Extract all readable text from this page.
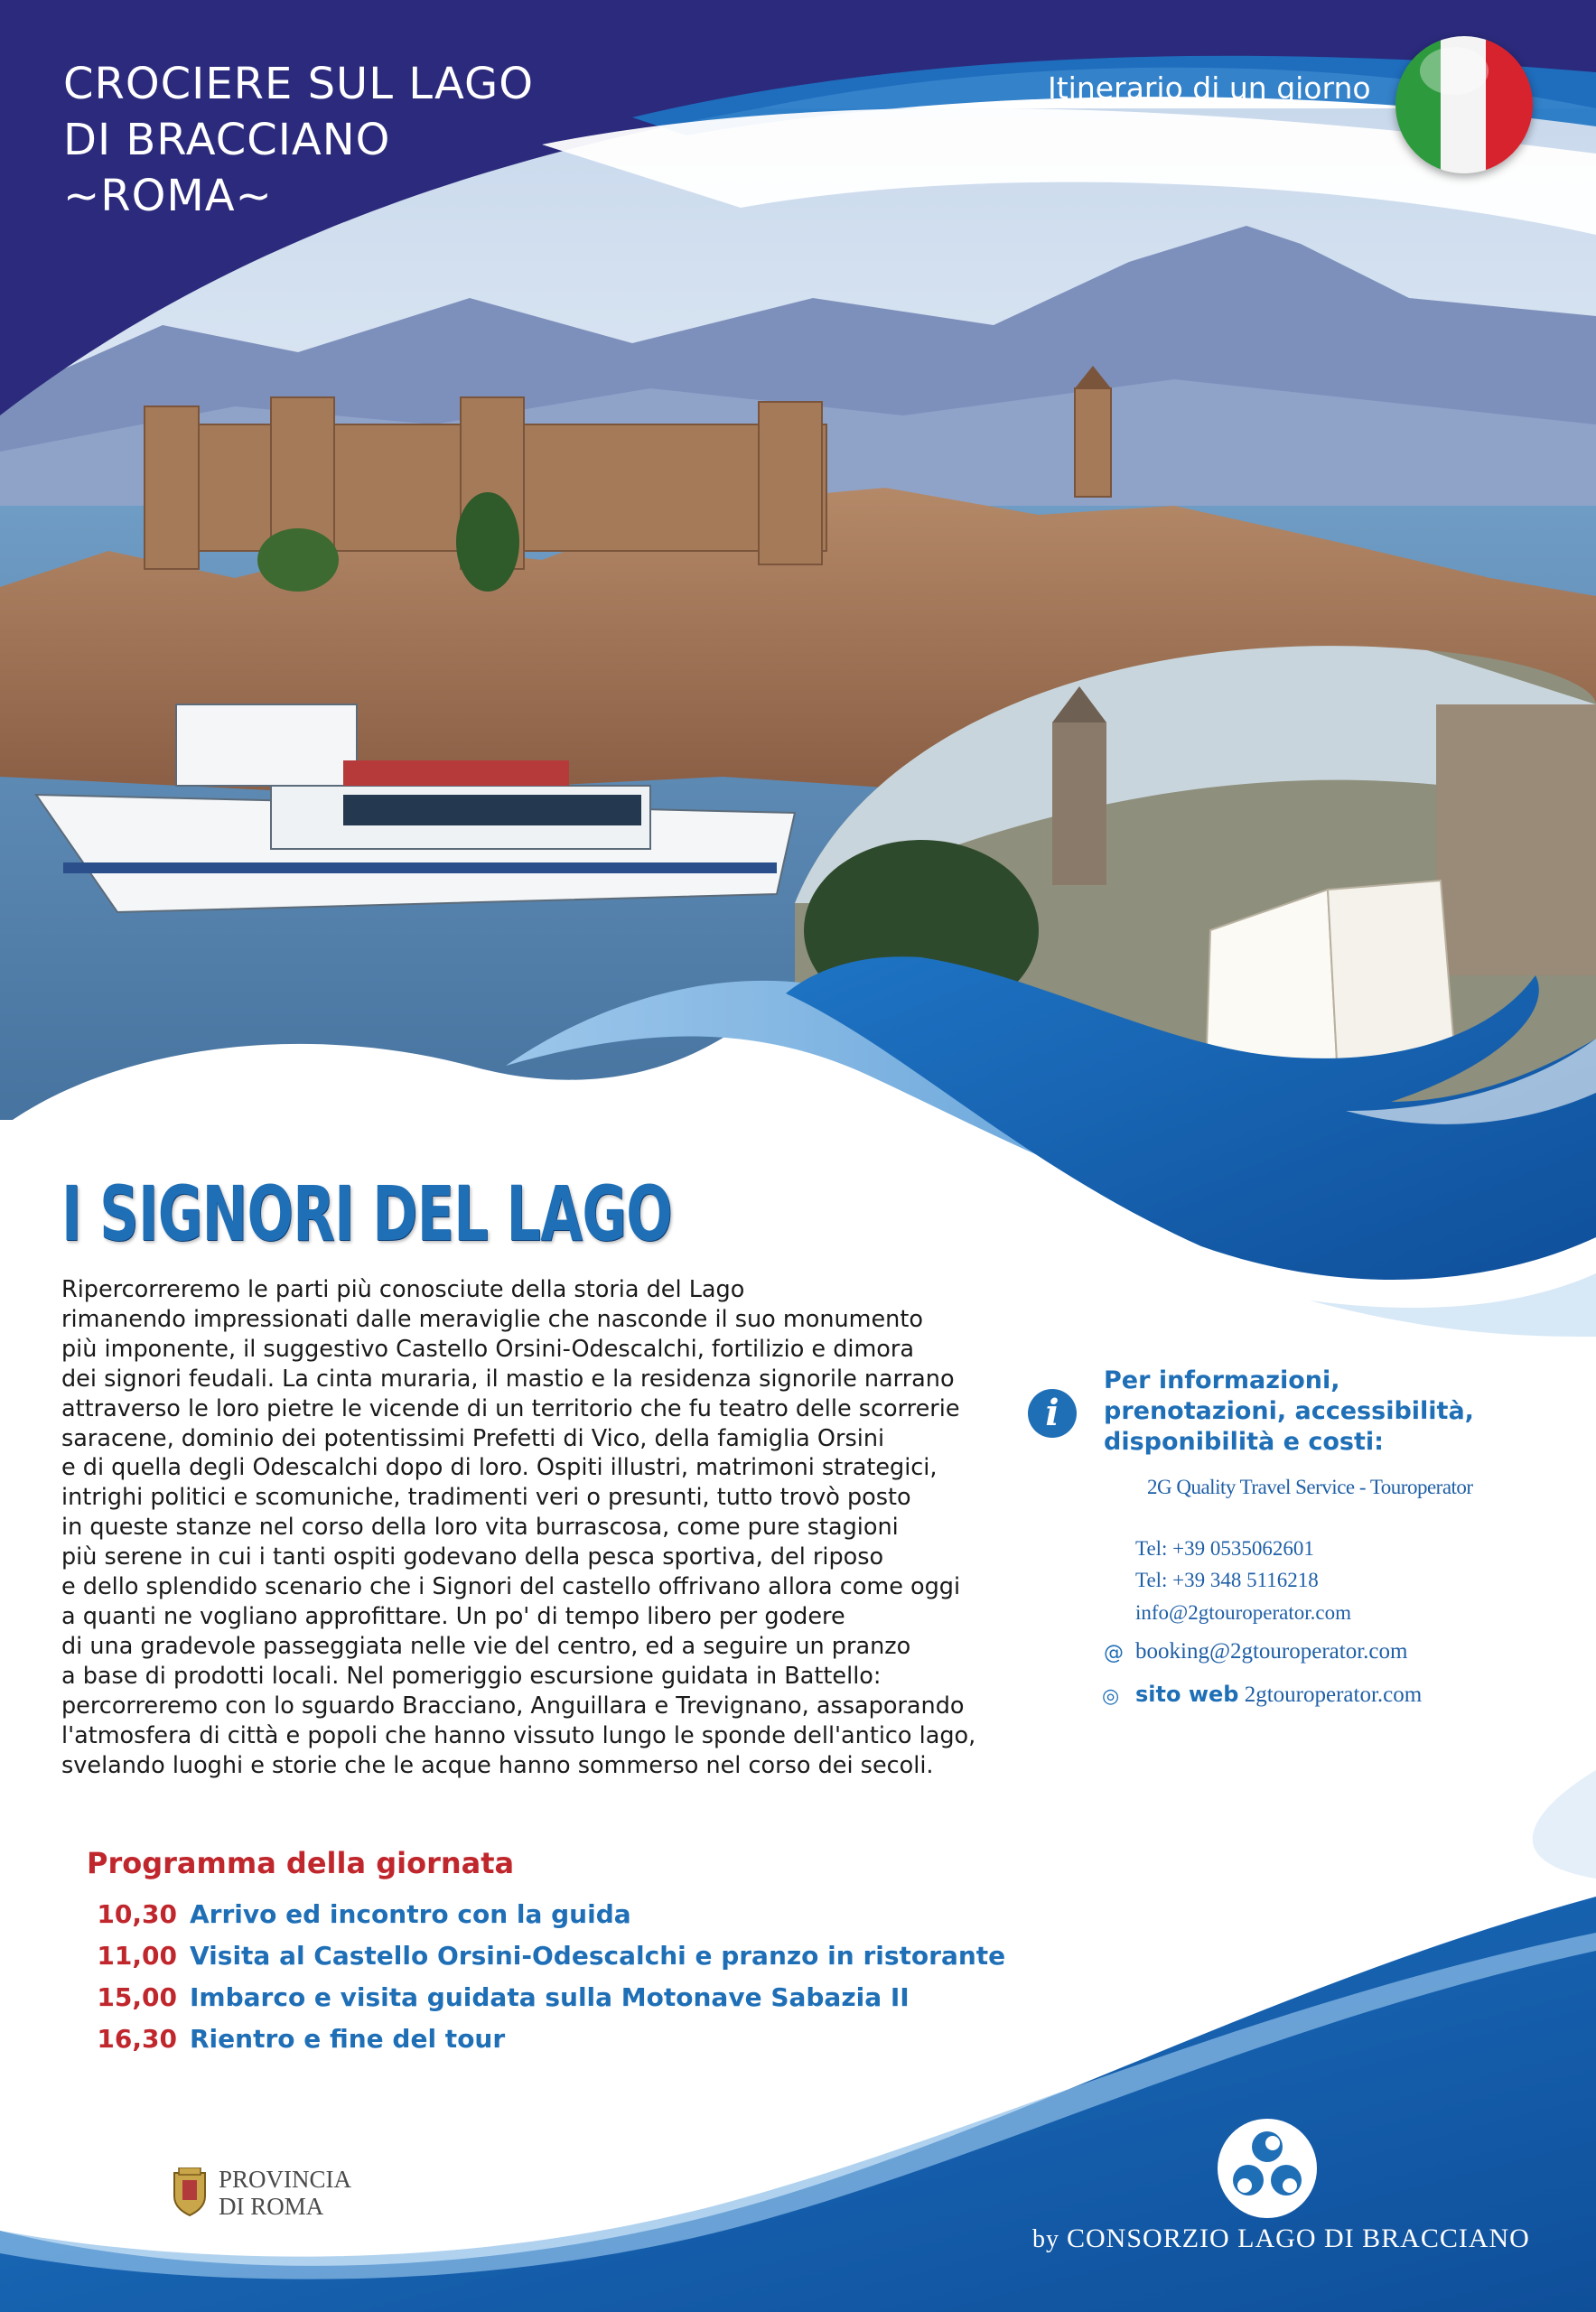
CROCIERE SUL LAGO
DI BRACCIANO
~ROMA~
Itinerario di un giorno
I SIGNORI DEL LAGO
Ripercorreremo le parti più conosciute della storia del Lago
rimanendo impressionati dalle meraviglie che nasconde il suo monumento
più imponente, il suggestivo Castello Orsini-Odescalchi, fortilizio e dimora
dei signori feudali. La cinta muraria, il mastio e la residenza signorile narrano
attraverso le loro pietre le vicende di un territorio che fu teatro delle scorrerie
saracene, dominio dei potentissimi Prefetti di Vico, della famiglia Orsini
e di quella degli Odescalchi dopo di loro. Ospiti illustri, matrimoni strategici,
intrighi politici e scomuniche, tradimenti veri o presunti, tutto trovò posto
in queste stanze nel corso della loro vita burrascosa, come pure stagioni
più serene in cui i tanti ospiti godevano della pesca sportiva, del riposo
e dello splendido scenario che i Signori del castello offrivano allora come oggi
a quanti ne vogliano approfittare. Un po' di tempo libero per godere
di una gradevole passeggiata nelle vie del centro, ed a seguire un pranzo
a base di prodotti locali. Nel pomeriggio escursione guidata in Battello:
percorreremo con lo sguardo Bracciano, Anguillara e Trevignano, assaporando
l'atmosfera di città e popoli che hanno vissuto lungo le sponde dell'antico lago,
svelando luoghi e storie che le acque hanno sommerso nel corso dei secoli.
i
Per informazioni,
prenotazioni, accessibilità,
disponibilità e costi:
2G Quality Travel Service - Touroperator
Tel: +39 0535062601
Tel: +39 348 5116218
info@2gtouroperator.com
@ booking@2gtouroperator.com
◎ sito web 2gtouroperator.com
Programma della giornata
10,30 Arrivo ed incontro con la guida
11,00 Visita al Castello Orsini-Odescalchi e pranzo in ristorante
15,00 Imbarco e visita guidata sulla Motonave Sabazia II
16,30 Rientro e fine del tour
PROVINCIA
DI ROMA
by CONSORZIO LAGO DI BRACCIANO
